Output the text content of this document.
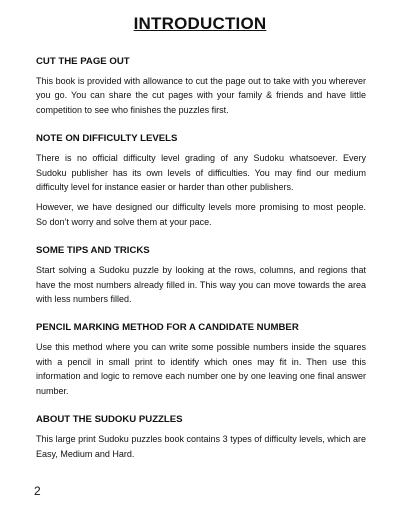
INTRODUCTION
CUT THE PAGE OUT
This book is provided with allowance to cut the page out to take with you wherever you go. You can share the cut pages with your family & friends and have little competition to see who finishes the puzzles first.
NOTE ON DIFFICULTY LEVELS
There is no official difficulty level grading of any Sudoku whatsoever. Every Sudoku publisher has its own levels of difficulties. You may find our medium difficulty level for instance easier or harder than other publishers.
However, we have designed our difficulty levels more promising to most people. So don’t worry and solve them at your pace.
SOME TIPS AND TRICKS
Start solving a Sudoku puzzle by looking at the rows, columns, and regions that have the most numbers already filled in. This way you can move towards the area with less numbers filled.
PENCIL MARKING METHOD FOR A CANDIDATE NUMBER
Use this method where you can write some possible numbers inside the squares with a pencil in small print to identify which ones may fit in. Then use this information and logic to remove each number one by one leaving one final answer number.
ABOUT THE SUDOKU PUZZLES
This large print Sudoku puzzles book contains 3 types of difficulty levels, which are Easy, Medium and Hard.
2
